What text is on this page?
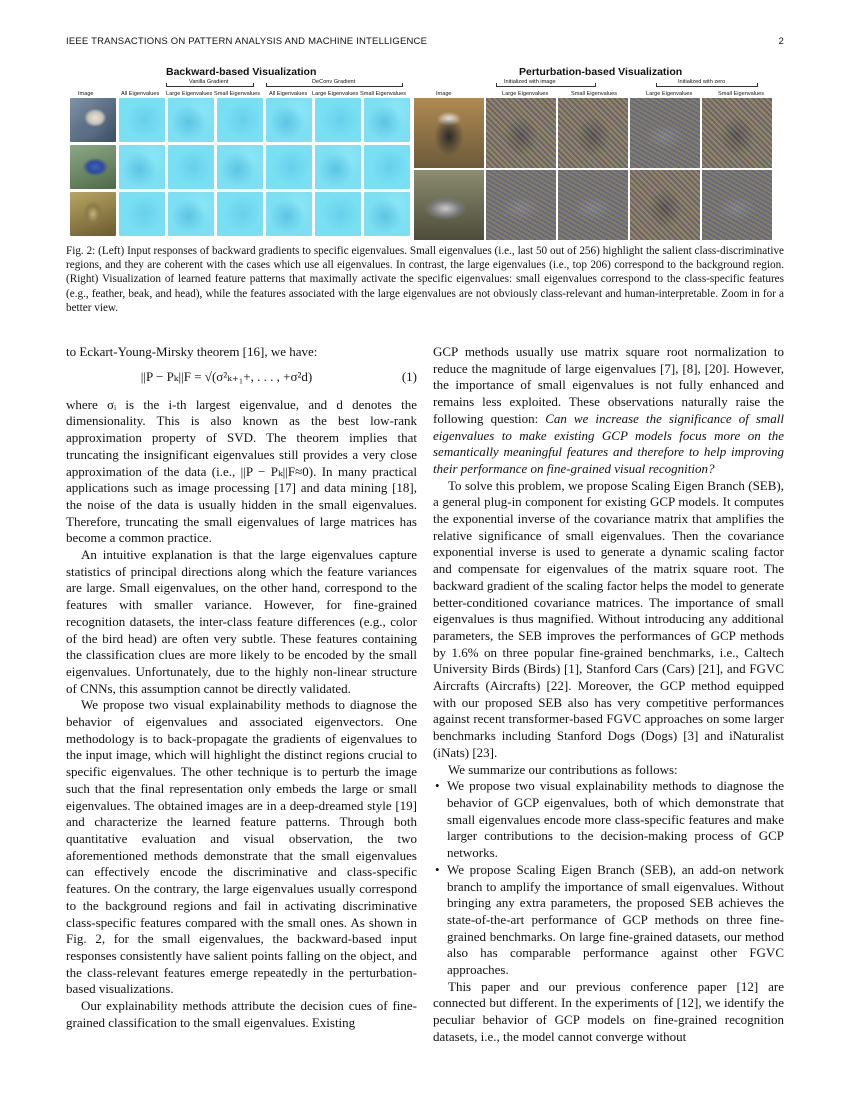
IEEE TRANSACTIONS ON PATTERN ANALYSIS AND MACHINE INTELLIGENCE	2
Backward-based Visualization	Perturbation-based Visualization
Vanilla Gradient	DeConv Gradient
Image	All Eigenvalues Large Eigenvalues Small Eigenvalues All Eigenvalues Large Eigenvalues Small Eigenvalues
Initialized with image	Initialized with zero
Image	Large Eigenvalues	Small Eigenvalues	Large Eigenvalues	Small Eigenvalues

Fig. 2: (Left) Input responses of backward gradients to specific eigenvalues. Small eigenvalues (i.e., last 50 out of 256) highlight the salient class-discriminative regions, and they are coherent with the cases which use all eigenvalues. In contrast, the large eigenvalues (i.e., top 206) correspond to the background region. (Right) Visualization of learned feature patterns that maximally activate the specific eigenvalues: small eigenvalues correspond to the class-specific features (e.g., feather, beak, and head), while the features associated with the large eigenvalues are not obviously class-relevant and human-interpretable. Zoom in for a better view.

to Eckart-Young-Mirsky theorem [16], we have:

||P − Pₖ||F = √(σ²ₖ₊₁+, . . . , +σ²d)	(1)

where σᵢ is the i-th largest eigenvalue, and d denotes the dimensionality. This is also known as the best low-rank approximation property of SVD. The theorem implies that truncating the insignificant eigenvalues still provides a very close approximation of the data (i.e., ||P − Pₖ||F≈0). In many practical applications such as image processing [17] and data mining [18], the noise of the data is usually hidden in the small eigenvalues. Therefore, truncating the small eigenvalues of large matrices has become a common practice.

An intuitive explanation is that the large eigenvalues capture statistics of principal directions along which the feature variances are large. Small eigenvalues, on the other hand, correspond to the features with smaller variance. However, for fine-grained recognition datasets, the inter-class feature differences (e.g., color of the bird head) are often very subtle. These features containing the classification clues are more likely to be encoded by the small eigenvalues. Unfortunately, due to the highly non-linear structure of CNNs, this assumption cannot be directly validated.

We propose two visual explainability methods to diagnose the behavior of eigenvalues and associated eigenvectors. One methodology is to back-propagate the gradients of eigenvalues to the input image, which will highlight the distinct regions crucial to specific eigenvalues. The other technique is to perturb the image such that the final representation only embeds the large or small eigenvalues. The obtained images are in a deep-dreamed style [19] and characterize the learned feature patterns. Through both quantitative evaluation and visual observation, the two aforementioned methods demonstrate that the small eigenvalues can effectively encode the discriminative and class-specific features. On the contrary, the large eigenvalues usually correspond to the background regions and fail in activating discriminative class-specific features compared with the small ones. As shown in Fig. 2, for the small eigenvalues, the backward-based input responses consistently have salient points falling on the object, and the class-relevant features emerge repeatedly in the perturbation-based visualizations.

Our explainability methods attribute the decision cues of fine-grained classification to the small eigenvalues. Existing

GCP methods usually use matrix square root normalization to reduce the magnitude of large eigenvalues [7], [8], [20]. However, the importance of small eigenvalues is not fully enhanced and remains less exploited. These observations naturally raise the following question: Can we increase the significance of small eigenvalues to make existing GCP models focus more on the semantically meaningful features and therefore to help improving their performance on fine-grained visual recognition?

To solve this problem, we propose Scaling Eigen Branch (SEB), a general plug-in component for existing GCP models. It computes the exponential inverse of the covariance matrix that amplifies the relative significance of small eigenvalues. Then the covariance exponential inverse is used to generate a dynamic scaling factor and compensate for eigenvalues of the matrix square root. The backward gradient of the scaling factor helps the model to generate better-conditioned covariance matrices. The importance of small eigenvalues is thus magnified. Without introducing any additional parameters, the SEB improves the performances of GCP methods by 1.6% on three popular fine-grained benchmarks, i.e., Caltech University Birds (Birds) [1], Stanford Cars (Cars) [21], and FGVC Aircrafts (Aircrafts) [22]. Moreover, the GCP method equipped with our proposed SEB also has very competitive performances against recent transformer-based FGVC approaches on some larger benchmarks including Stanford Dogs (Dogs) [3] and iNaturalist (iNats) [23].

We summarize our contributions as follows:

• We propose two visual explainability methods to diagnose the behavior of GCP eigenvalues, both of which demonstrate that small eigenvalues encode more class-specific features and make larger contributions to the decision-making process of GCP networks.
• We propose Scaling Eigen Branch (SEB), an add-on network branch to amplify the importance of small eigenvalues. Without bringing any extra parameters, the proposed SEB achieves the state-of-the-art performance of GCP methods on three fine-grained benchmarks. On large fine-grained datasets, our method also has comparable performance against other FGVC approaches.

This paper and our previous conference paper [12] are connected but different. In the experiments of [12], we identify the peculiar behavior of GCP models on fine-grained recognition datasets, i.e., the model cannot converge without
